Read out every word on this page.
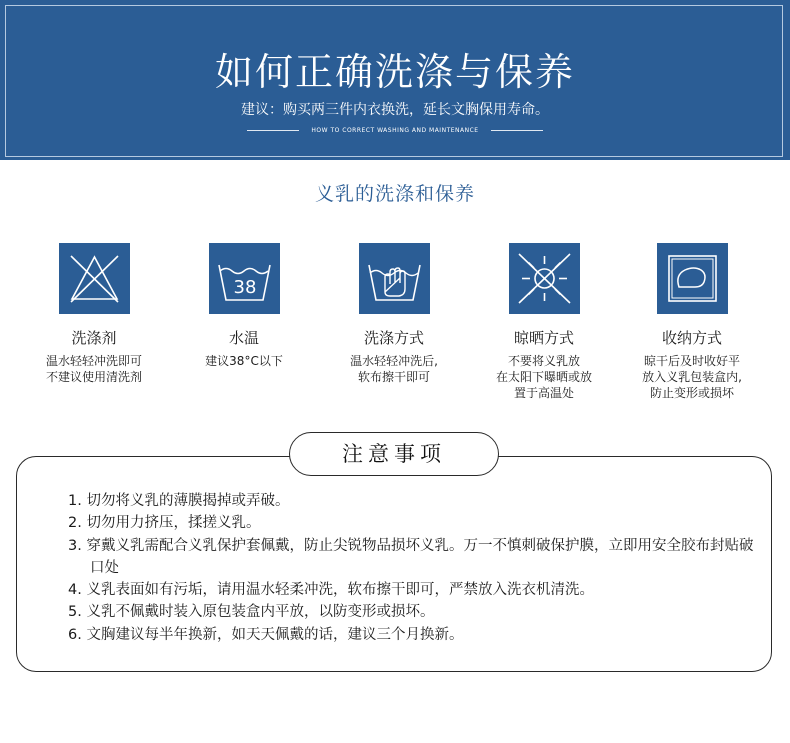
如何正确洗涤与保养
建议：购买两三件内衣换洗，延长文胸保用寿命。
HOW TO CORRECT WASHING AND MAINTENANCE
义乳的洗涤和保养
洗涤剂
温水轻轻冲洗即可
不建议使用清洗剂
38
水温
建议38°C以下
洗涤方式
温水轻轻冲洗后,
软布擦干即可
晾晒方式
不要将义乳放
在太阳下曝晒或放
置于高温处
收纳方式
晾干后及时收好平
放入义乳包装盒内,
防止变形或损坏
注意事项
1. 切勿将义乳的薄膜揭掉或弄破。
2. 切勿用力挤压，揉搓义乳。
3. 穿戴义乳需配合义乳保护套佩戴，防止尖锐物品损坏义乳。万一不慎刺破保护膜，立即用安全胶布封贴破口处
4. 义乳表面如有污垢，请用温水轻柔冲洗，软布擦干即可，严禁放入洗衣机清洗。
5. 义乳不佩戴时装入原包装盒内平放，以防变形或损坏。
6. 文胸建议每半年换新，如天天佩戴的话，建议三个月换新。
